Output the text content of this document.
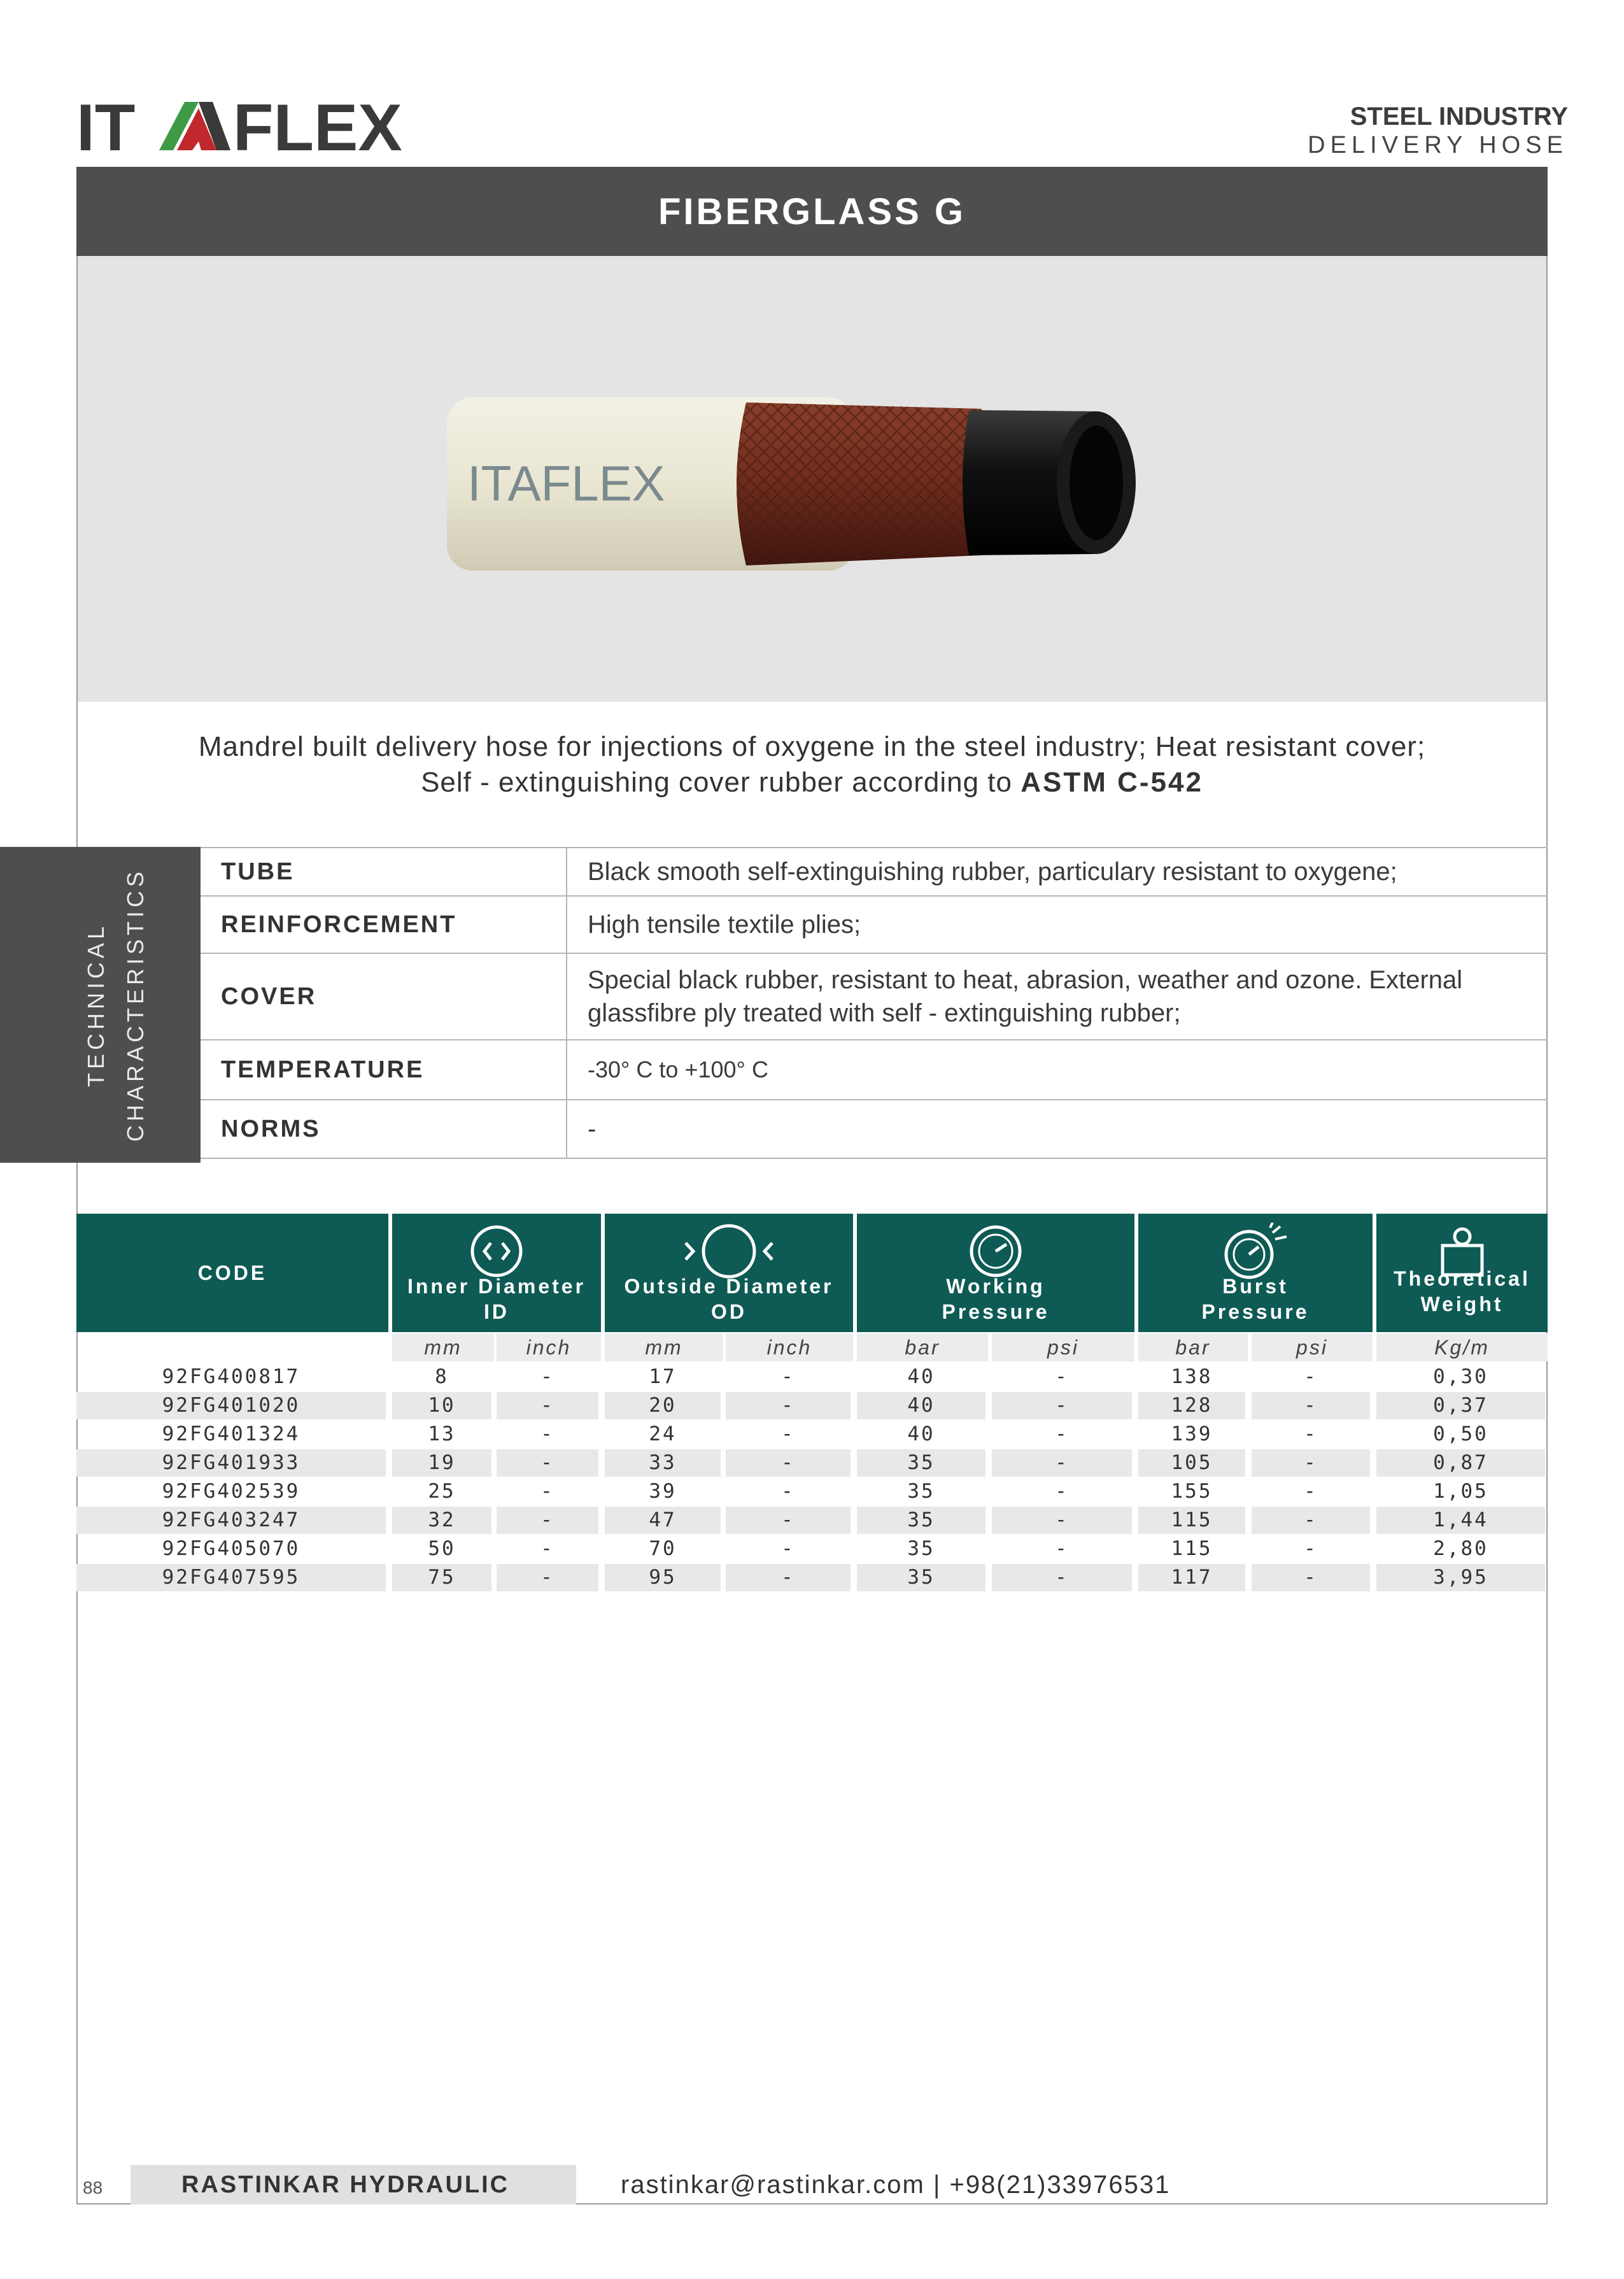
IT FLEX	STEEL INDUSTRY
DELIVERY HOSE
FIBERGLASS G
ITAFLEX
Mandrel built delivery hose for injections of oxygene in the steel industry; Heat resistant cover;
Self - extinguishing cover rubber according to ASTM C-542
TECHNICAL CHARACTERISTICS	TUBE	Black smooth self-extinguishing rubber, particulary resistant to oxygene;
REINFORCEMENT	High tensile textile plies;
COVER	Special black rubber, resistant to heat, abrasion, weather and ozone. External glassfibre ply treated with self - extinguishing rubber;
TEMPERATURE	-30° C to +100° C
NORMS	-
CODE
Inner Diameter
ID
Outside Diameter
OD
Working
Pressure
Burst
Pressure
Theoretical
Weight
mm	inch	mm	inch	bar	psi	bar	psi	Kg/m
92FG400817	8	-	17	-	40	-	138	-	0,30
92FG401020	10	-	20	-	40	-	128	-	0,37
92FG401324	13	-	24	-	40	-	139	-	0,50
92FG401933	19	-	33	-	35	-	105	-	0,87
92FG402539	25	-	39	-	35	-	155	-	1,05
92FG403247	32	-	47	-	35	-	115	-	1,44
92FG405070	50	-	70	-	35	-	115	-	2,80
92FG407595	75	-	95	-	35	-	117	-	3,95
88	RASTINKAR HYDRAULIC	rastinkar@rastinkar.com | +98(21)33976531
